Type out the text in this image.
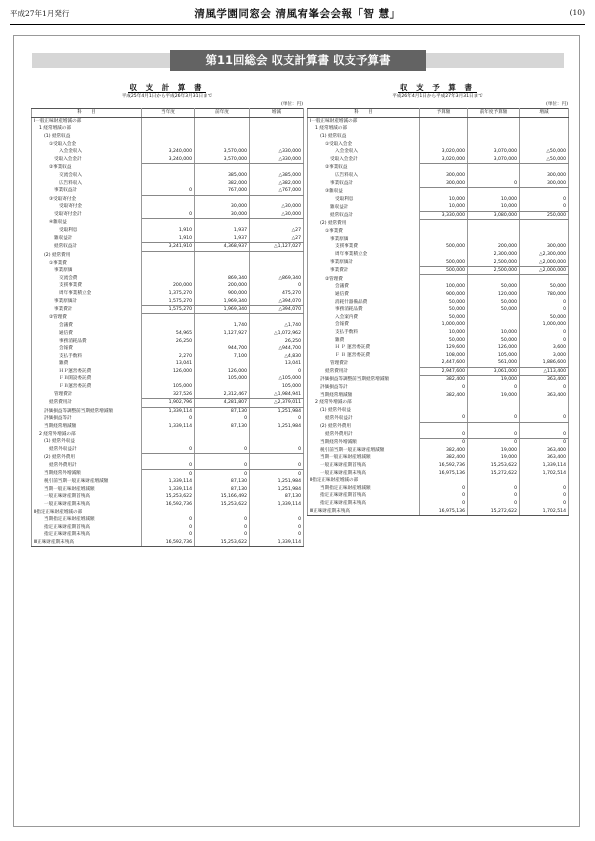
平成27年1月発行	清風学園同窓会 清風宥峯会会報「智 慧」	(10)
第11回総会 収支計算書 収支予算書
収 支 計 算 書
平成25年4月1日から平成26年3月31日まで
(単位：円)
科　　目	当年度	前年度	増減
Ⅰ一般正味財産増減の部			
1 経常増減の部			
(1) 経常収益			
①受取入会金			
入会金収入	3,240,000	3,570,000	△330,000
受取入会金計	3,240,000	3,570,000	△330,000
②事業収益			
交流会収入		385,000	△385,000
広告料収入		382,000	△382,000
事業収益計	0	767,000	△767,000
③受取寄付金			
受取寄付金		30,000	△30,000
受取寄付金計	0	30,000	△30,000
④雑収益			
受取利息	1,910	1,937	△27
雑収益計	1,910	1,937	△27
経常収益計	3,241,910	4,368,937	△1,127,027
(2) 経常費用			
①事業費			
事業原価			
交流会費		869,340	△869,340
支援事業費	200,000	200,000	0
周年事業積立金	1,375,270	900,000	475,270
事業原価計	1,575,270	1,969,340	△394,070
事業費計	1,575,270	1,969,340	△394,070
②管理費			
会議費		1,740	△1,740
通信費	54,965	1,127,927	△1,072,962
事務消耗品費	26,250		26,250
会報費		944,700	△944,700
支払手数料	2,270	7,100	△4,830
雑費	13,041		13,041
ＨＰ運営委託費	126,000	126,000	0
ＦＢ開設委託費		105,000	△105,000
ＦＢ運営委託費	105,000		105,000
管理費計	327,526	2,312,467	△1,984,941
経常費用計	1,902,796	4,281,807	△2,379,011
評価損益等調整前当期経常増減額	1,339,114	87,130	1,251,984
評価損益等計	0	0	0
当期経常増減額	1,339,114	87,130	1,251,984
2 経常外増減の部			
(1) 経常外収益			
経常外収益計	0	0	0
(2) 経常外費用			
経常外費用計	0	0	0
当期経常外増減額	0	0	0
税引前当期一般正味財産増減額	1,339,114	87,130	1,251,984
当期一般正味財産増減額	1,339,114	87,130	1,251,984
一般正味財産期首残高	15,253,622	15,166,492	87,130
一般正味財産期末残高	16,592,736	15,253,622	1,339,114
Ⅱ指定正味財産増減の部			
当期指定正味財産増減額	0	0	0
指定正味財産期首残高	0	0	0
指定正味財産期末残高	0	0	0
Ⅲ正味財産期末残高	16,592,736	15,253,622	1,339,114
収 支 予 算 書
平成26年4月1日から平成27年3月31日まで
(単位：円)
科　　目	予算額	前年度予算額	増減
Ⅰ一般正味財産増減の部			
1 経常増減の部			
(1) 経常収益			
①受取入会金			
入会金収入	3,020,000	3,070,000	△50,000
受取入会金計	3,020,000	3,070,000	△50,000
②事業収益			
広告料収入	300,000		300,000
事業収益計	300,000	0	300,000
③雑収益			
受取利息	10,000	10,000	0
雑収益計	10,000	10,000	0
経常収益計	3,330,000	3,080,000	250,000
(2) 経常費用			
①事業費			
事業原価			
支援事業費	500,000	200,000	300,000
周年事業積立金		2,300,000	△2,300,000
事業原価計	500,000	2,500,000	△2,000,000
事業費計	500,000	2,500,000	△2,000,000
②管理費			
会議費	100,000	50,000	50,000
通信費	900,000	120,000	780,000
消耗什器備品費	50,000	50,000	0
事務消耗品費	50,000	50,000	0
入会案内費	50,000		50,000
会報費	1,000,000		1,000,000
支払手数料	10,000	10,000	0
雑費	50,000	50,000	0
Ｈ Ｐ 運営委託費	129,600	126,000	3,600
Ｆ Ｂ 運営委託費	108,000	105,000	3,000
管理費計	2,447,600	561,000	1,886,600
経常費用計	2,947,600	3,061,000	△113,400
評価損益等調整前当期経常増減額	382,400	19,000	363,400
評価損益等計	0	0	0
当期経常増減額	382,400	19,000	363,400
2 経常外増減の部			
(1) 経常外収益			
経常外収益計	0	0	0
(2) 経常外費用			
経常外費用計	0	0	0
当期経常外増減額	0	0	0
税引前当期一般正味財産増減額	382,400	19,000	363,400
当期一般正味財産増減額	382,400	19,000	363,400
一般正味財産期首残高	16,592,736	15,253,622	1,339,114
一般正味財産期末残高	16,975,136	15,272,622	1,702,514
Ⅱ指定正味財産増減の部			
当期指定正味財産増減額	0	0	0
指定正味財産期首残高	0	0	0
指定正味財産期末残高	0	0	0
Ⅲ正味財産期末残高	16,975,136	15,272,622	1,702,514
